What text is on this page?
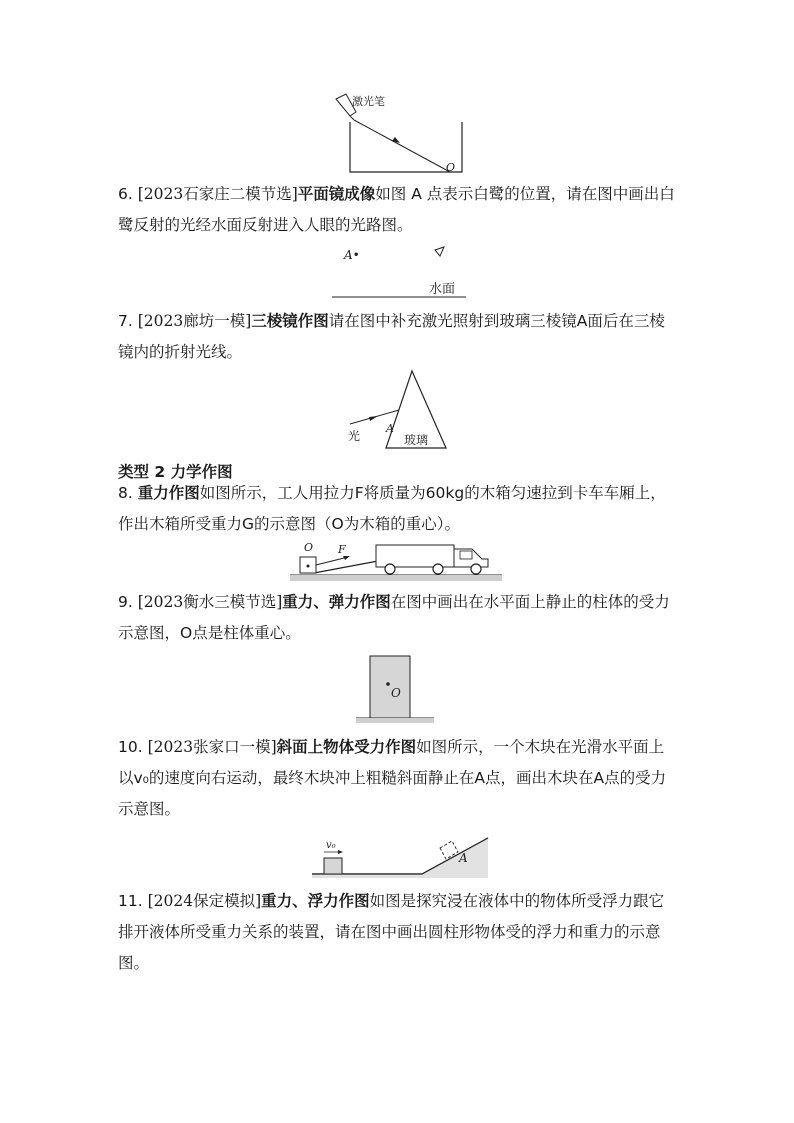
激光笔
O
6. [2023石家庄二模节选]平面镜成像如图 A 点表示白鹭的位置，请在图中画出白鹭反射的光经水面反射进入人眼的光路图。
A•
水面
7. [2023廊坊一模]三棱镜作图请在图中补充激光照射到玻璃三棱镜A面后在三棱镜内的折射光线。
光
A
玻璃
类型 2 力学作图
8. 重力作图如图所示，工人用拉力F将质量为60kg的木箱匀速拉到卡车车厢上，作出木箱所受重力G的示意图（O为木箱的重心）。
O F
9. [2023衡水三模节选]重力、弹力作图在图中画出在水平面上静止的柱体的受力示意图，O点是柱体重心。
O
10. [2023张家口一模]斜面上物体受力作图如图所示，一个木块在光滑水平面上以v₀的速度向右运动，最终木块冲上粗糙斜面静止在A点，画出木块在A点的受力示意图。
v₀
A
11. [2024保定模拟]重力、浮力作图如图是探究浸在液体中的物体所受浮力跟它排开液体所受重力关系的装置，请在图中画出圆柱形物体受的浮力和重力的示意图。
